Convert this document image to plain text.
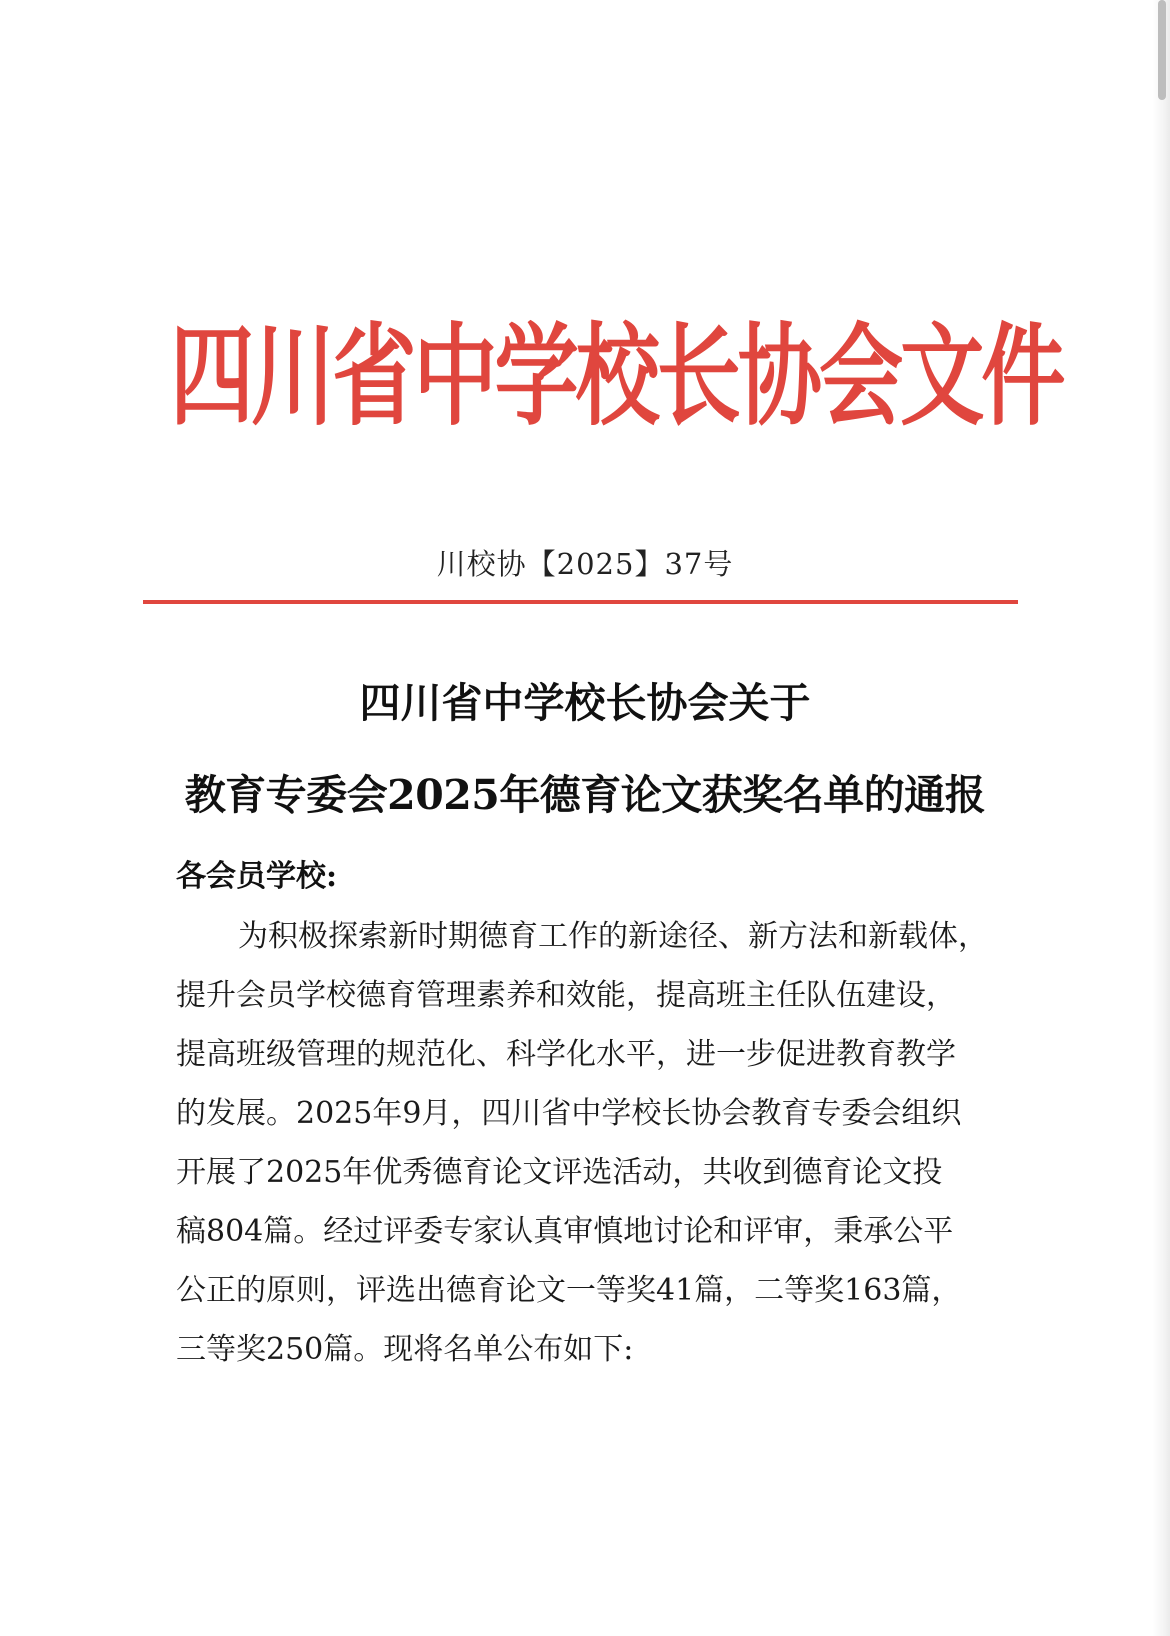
四川省中学校长协会文件
川校协【2025】37号
四川省中学校长协会关于
教育专委会2025年德育论文获奖名单的通报
各会员学校:
为积极探索新时期德育工作的新途径、新方法和新载体，
提升会员学校德育管理素养和效能，提高班主任队伍建设，
提高班级管理的规范化、科学化水平，进一步促进教育教学
的发展。2025年9月，四川省中学校长协会教育专委会组织
开展了2025年优秀德育论文评选活动，共收到德育论文投
稿804篇。经过评委专家认真审慎地讨论和评审，秉承公平
公正的原则，评选出德育论文一等奖41篇，二等奖163篇，
三等奖250篇。现将名单公布如下:
